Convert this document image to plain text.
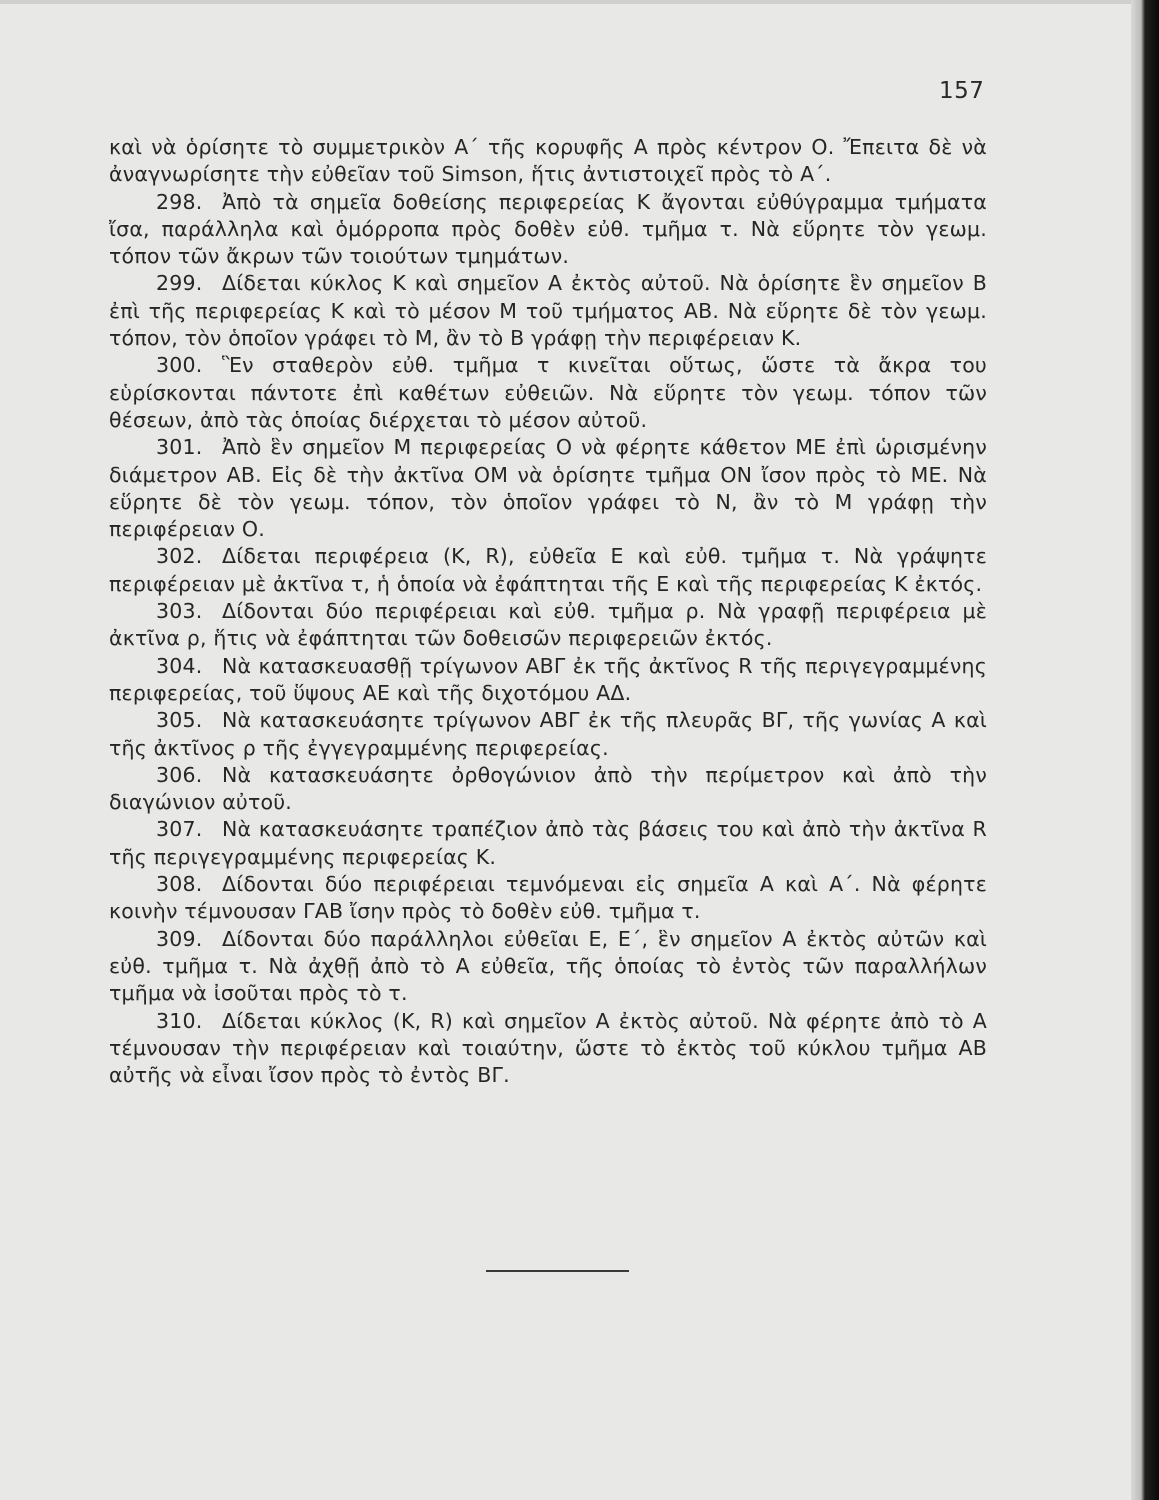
157

καὶ νὰ ὁρίσητε τὸ συμμετρικὸν Α΄ τῆς κορυφῆς Α πρὸς κέντρον Ο. Ἔπειτα δὲ νὰ ἀναγνωρίσητε τὴν εὐθεῖαν τοῦ Simson, ἥτις ἀντιστοιχεῖ πρὸς τὸ Α΄.

298. Ἀπὸ τὰ σημεῖα δοθείσης περιφερείας Κ ἄγονται εὐθύγραμμα τμήματα ἴσα, παράλληλα καὶ ὁμόρροπα πρὸς δοθὲν εὐθ. τμῆμα τ. Νὰ εὕρητε τὸν γεωμ. τόπον τῶν ἄκρων τῶν τοιούτων τμημάτων.

299. Δίδεται κύκλος Κ καὶ σημεῖον Α ἐκτὸς αὐτοῦ. Νὰ ὁρίσητε ἓν σημεῖον Β ἐπὶ τῆς περιφερείας Κ καὶ τὸ μέσον Μ τοῦ τμήματος ΑΒ. Νὰ εὕρητε δὲ τὸν γεωμ. τόπον, τὸν ὁποῖον γράφει τὸ Μ, ἂν τὸ Β γράφῃ τὴν περιφέρειαν Κ.

300. Ἓν σταθερὸν εὐθ. τμῆμα τ κινεῖται οὕτως, ὥστε τὰ ἄκρα του εὑρίσκονται πάντοτε ἐπὶ καθέτων εὐθειῶν. Νὰ εὕρητε τὸν γεωμ. τόπον τῶν θέσεων, ἀπὸ τὰς ὁποίας διέρχεται τὸ μέσον αὐτοῦ.

301. Ἀπὸ ἓν σημεῖον Μ περιφερείας Ο νὰ φέρητε κάθετον ΜΕ ἐπὶ ὡρισμένην διάμετρον ΑΒ. Εἰς δὲ τὴν ἀκτῖνα ΟΜ νὰ ὁρίσητε τμῆμα ΟΝ ἴσον πρὸς τὸ ΜΕ. Νὰ εὕρητε δὲ τὸν γεωμ. τόπον, τὸν ὁποῖον γράφει τὸ Ν, ἂν τὸ Μ γράφῃ τὴν περιφέρειαν Ο.

302. Δίδεται περιφέρεια (Κ, R), εὐθεῖα Ε καὶ εὐθ. τμῆμα τ. Νὰ γράψητε περιφέρειαν μὲ ἀκτῖνα τ, ἡ ὁποία νὰ ἐφάπτηται τῆς Ε καὶ τῆς περιφερείας Κ ἐκτός.

303. Δίδονται δύο περιφέρειαι καὶ εὐθ. τμῆμα ρ. Νὰ γραφῇ περιφέρεια μὲ ἀκτῖνα ρ, ἥτις νὰ ἐφάπτηται τῶν δοθεισῶν περιφερειῶν ἐκτός.

304. Νὰ κατασκευασθῇ τρίγωνον ΑΒΓ ἐκ τῆς ἀκτῖνος R τῆς περιγεγραμμένης περιφερείας, τοῦ ὕψους ΑΕ καὶ τῆς διχοτόμου ΑΔ.

305. Νὰ κατασκευάσητε τρίγωνον ΑΒΓ ἐκ τῆς πλευρᾶς ΒΓ, τῆς γωνίας Α καὶ τῆς ἀκτῖνος ρ τῆς ἐγγεγραμμένης περιφερείας.

306. Νὰ κατασκευάσητε ὀρθογώνιον ἀπὸ τὴν περίμετρον καὶ ἀπὸ τὴν διαγώνιον αὐτοῦ.

307. Νὰ κατασκευάσητε τραπέζιον ἀπὸ τὰς βάσεις του καὶ ἀπὸ τὴν ἀκτῖνα R τῆς περιγεγραμμένης περιφερείας Κ.

308. Δίδονται δύο περιφέρειαι τεμνόμεναι εἰς σημεῖα Α καὶ Α΄. Νὰ φέρητε κοινὴν τέμνουσαν ΓΑΒ ἴσην πρὸς τὸ δοθὲν εὐθ. τμῆμα τ.

309. Δίδονται δύο παράλληλοι εὐθεῖαι Ε, Ε΄, ἓν σημεῖον Α ἐκτὸς αὐτῶν καὶ εὐθ. τμῆμα τ. Νὰ ἀχθῇ ἀπὸ τὸ Α εὐθεῖα, τῆς ὁποίας τὸ ἐντὸς τῶν παραλλήλων τμῆμα νὰ ἰσοῦται πρὸς τὸ τ.

310. Δίδεται κύκλος (Κ, R) καὶ σημεῖον Α ἐκτὸς αὐτοῦ. Νὰ φέρητε ἀπὸ τὸ Α τέμνουσαν τὴν περιφέρειαν καὶ τοιαύτην, ὥστε τὸ ἐκτὸς τοῦ κύκλου τμῆμα ΑΒ αὐτῆς νὰ εἶναι ἴσον πρὸς τὸ ἐντὸς ΒΓ.
